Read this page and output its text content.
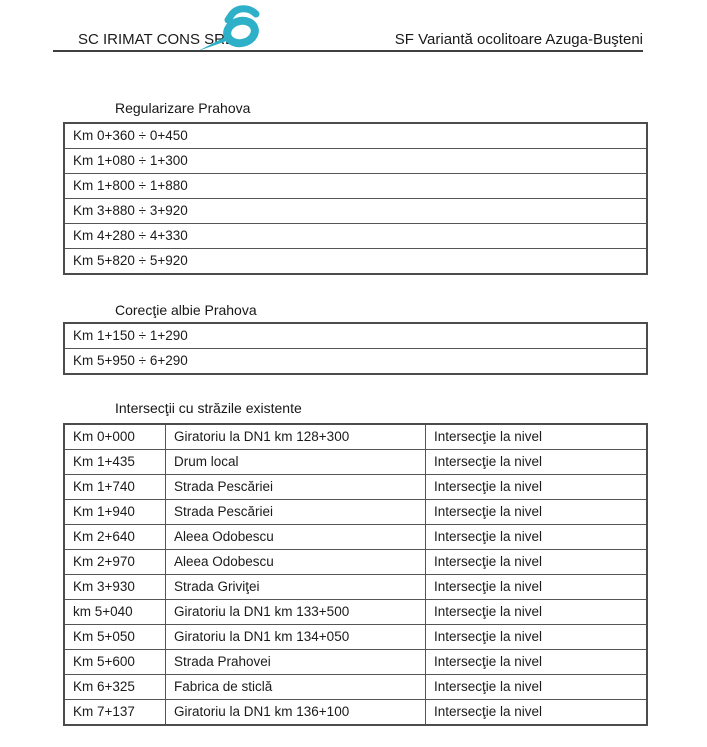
SC IRIMAT CONS SRL	SF Variantă ocolitoare Azuga-Buşteni
Regularizare Prahova
Km 0+360 ÷ 0+450
Km 1+080 ÷ 1+300
Km 1+800 ÷ 1+880
Km 3+880 ÷ 3+920
Km 4+280 ÷ 4+330
Km 5+820 ÷ 5+920
Corecţie albie Prahova
Km 1+150 ÷ 1+290
Km 5+950 ÷ 6+290
Intersecţii cu străzile existente
Km 0+000	Giratoriu la DN1 km 128+300	Intersecţie la nivel
Km 1+435	Drum local	Intersecţie la nivel
Km 1+740	Strada Pescăriei	Intersecţie la nivel
Km 1+940	Strada Pescăriei	Intersecţie la nivel
Km 2+640	Aleea Odobescu	Intersecţie la nivel
Km 2+970	Aleea Odobescu	Intersecţie la nivel
Km 3+930	Strada Griviţei	Intersecţie la nivel
km 5+040	Giratoriu la DN1 km 133+500	Intersecţie la nivel
Km 5+050	Giratoriu la DN1 km 134+050	Intersecţie la nivel
Km 5+600	Strada Prahovei	Intersecţie la nivel
Km 6+325	Fabrica de sticlă	Intersecţie la nivel
Km 7+137	Giratoriu la DN1 km 136+100	Intersecţie la nivel
